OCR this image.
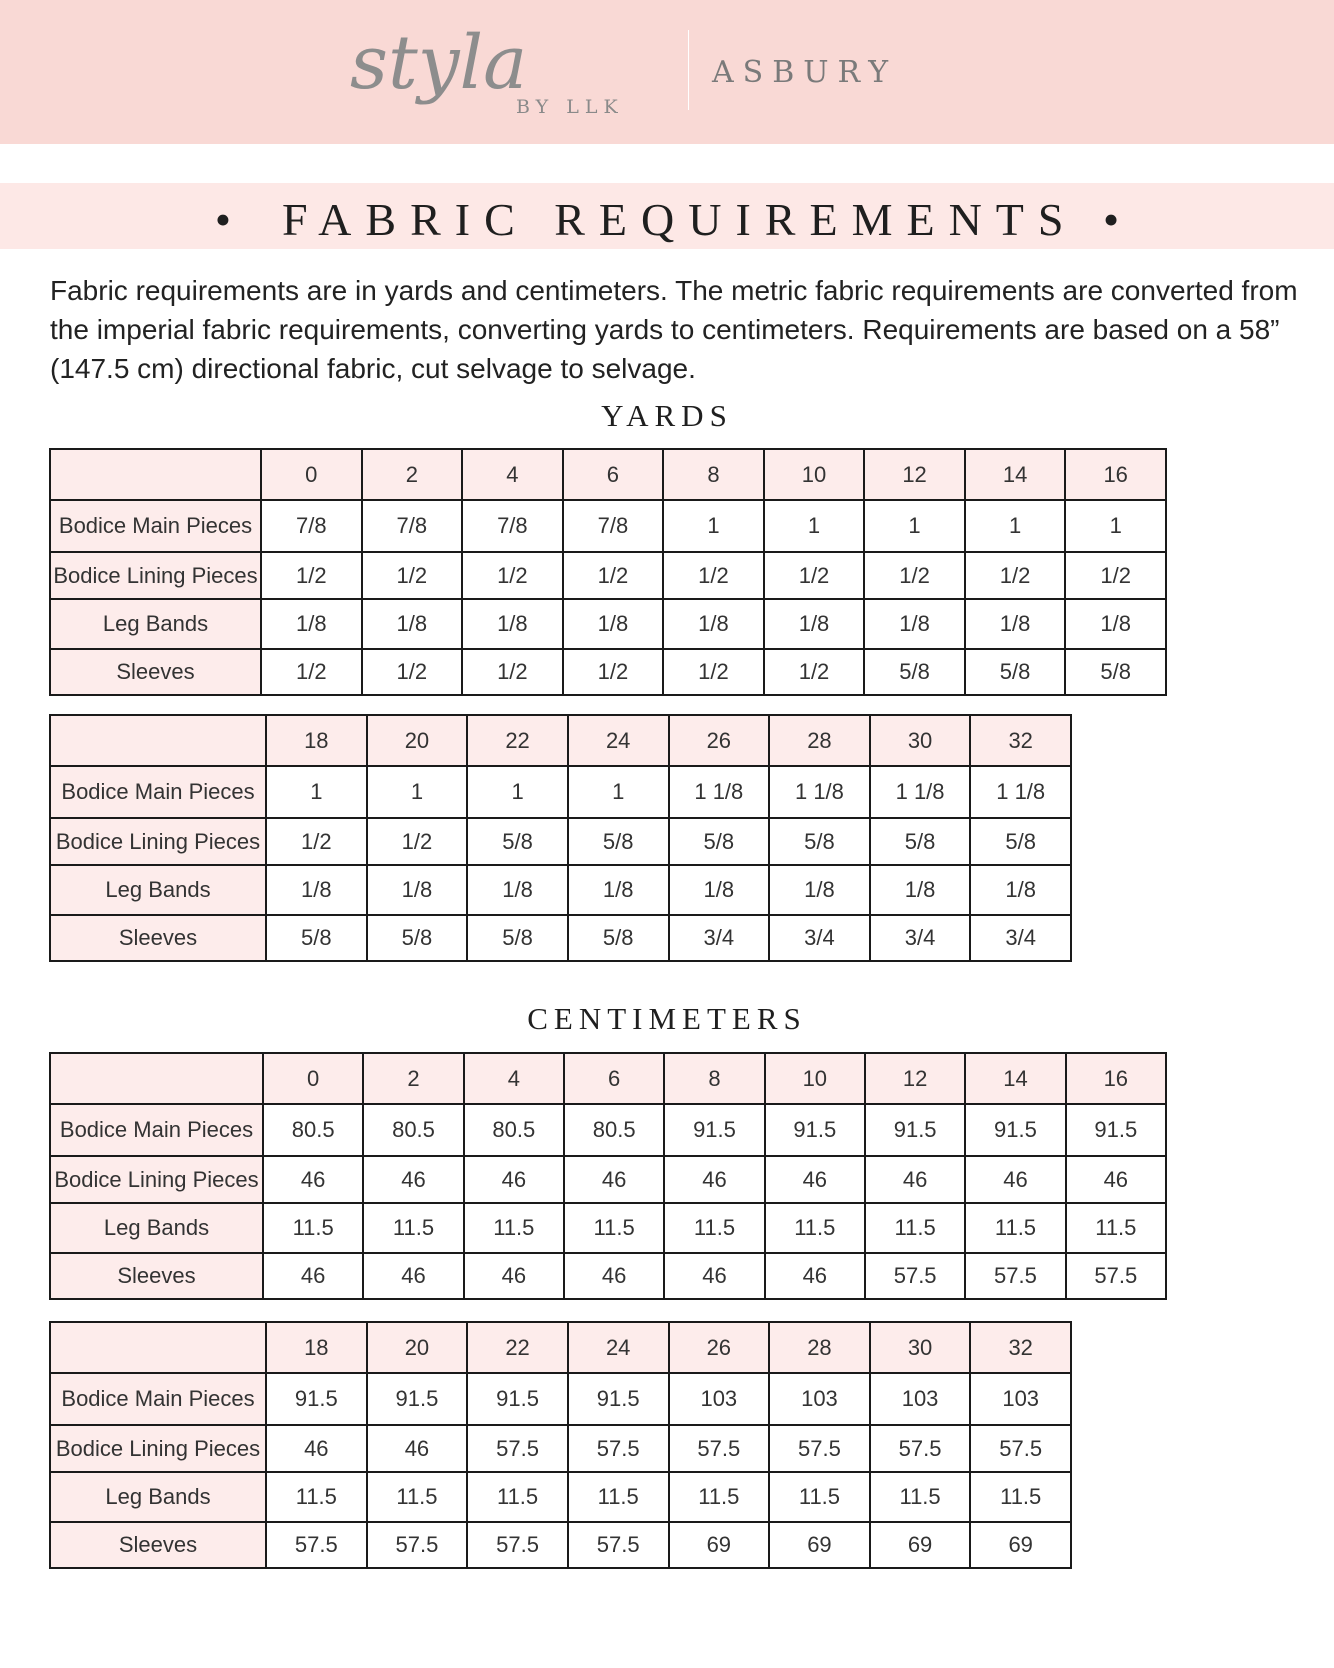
styla
BY LLK
ASBURY
• FABRIC REQUIREMENTS •

Fabric requirements are in yards and centimeters. The metric fabric requirements are converted from the imperial fabric requirements, converting yards to centimeters. Requirements are based on a 58” (147.5 cm) directional fabric, cut selvage to selvage.

YARDS
	0	2	4	6	8	10	12	14	16
Bodice Main Pieces	7/8	7/8	7/8	7/8	1	1	1	1	1
Bodice Lining Pieces	1/2	1/2	1/2	1/2	1/2	1/2	1/2	1/2	1/2
Leg Bands	1/8	1/8	1/8	1/8	1/8	1/8	1/8	1/8	1/8
Sleeves	1/2	1/2	1/2	1/2	1/2	1/2	5/8	5/8	5/8
	18	20	22	24	26	28	30	32
Bodice Main Pieces	1	1	1	1	1 1/8	1 1/8	1 1/8	1 1/8
Bodice Lining Pieces	1/2	1/2	5/8	5/8	5/8	5/8	5/8	5/8
Leg Bands	1/8	1/8	1/8	1/8	1/8	1/8	1/8	1/8
Sleeves	5/8	5/8	5/8	5/8	3/4	3/4	3/4	3/4
CENTIMETERS
	0	2	4	6	8	10	12	14	16
Bodice Main Pieces	80.5	80.5	80.5	80.5	91.5	91.5	91.5	91.5	91.5
Bodice Lining Pieces	46	46	46	46	46	46	46	46	46
Leg Bands	11.5	11.5	11.5	11.5	11.5	11.5	11.5	11.5	11.5
Sleeves	46	46	46	46	46	46	57.5	57.5	57.5
	18	20	22	24	26	28	30	32
Bodice Main Pieces	91.5	91.5	91.5	91.5	103	103	103	103
Bodice Lining Pieces	46	46	57.5	57.5	57.5	57.5	57.5	57.5
Leg Bands	11.5	11.5	11.5	11.5	11.5	11.5	11.5	11.5
Sleeves	57.5	57.5	57.5	57.5	69	69	69	69
